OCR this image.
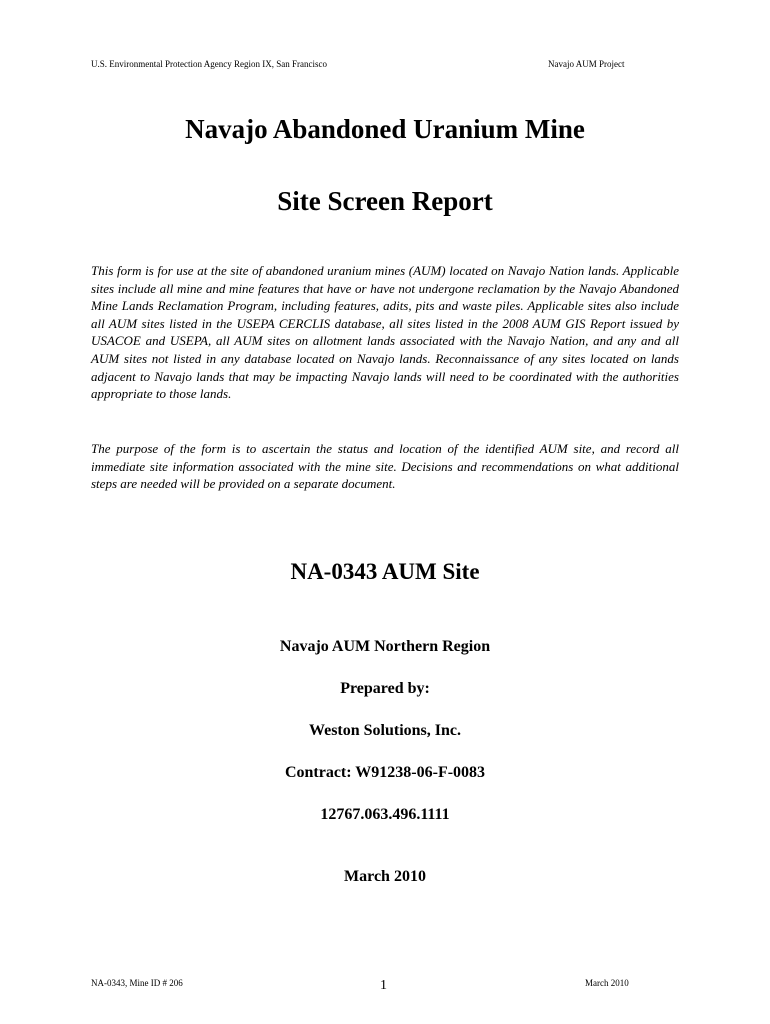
U.S. Environmental Protection Agency Region IX, San Francisco	Navajo AUM Project
Navajo Abandoned Uranium Mine
Site Screen Report

This form is for use at the site of abandoned uranium mines (AUM) located on Navajo Nation lands. Applicable sites include all mine and mine features that have or have not undergone reclamation by the Navajo Abandoned Mine Lands Reclamation Program, including features, adits, pits and waste piles. Applicable sites also include all AUM sites listed in the USEPA CERCLIS database, all sites listed in the 2008 AUM GIS Report issued by USACOE and USEPA, all AUM sites on allotment lands associated with the Navajo Nation, and any and all AUM sites not listed in any database located on Navajo lands. Reconnaissance of any sites located on lands adjacent to Navajo lands that may be impacting Navajo lands will need to be coordinated with the authorities appropriate to those lands.

The purpose of the form is to ascertain the status and location of the identified AUM site, and record all immediate site information associated with the mine site. Decisions and recommendations on what additional steps are needed will be provided on a separate document.

NA-0343 AUM Site
Navajo AUM Northern Region
Prepared by:
Weston Solutions, Inc.
Contract: W91238-06-F-0083
12767.063.496.1111
March 2010
NA-0343, Mine ID # 206	1	March 2010
